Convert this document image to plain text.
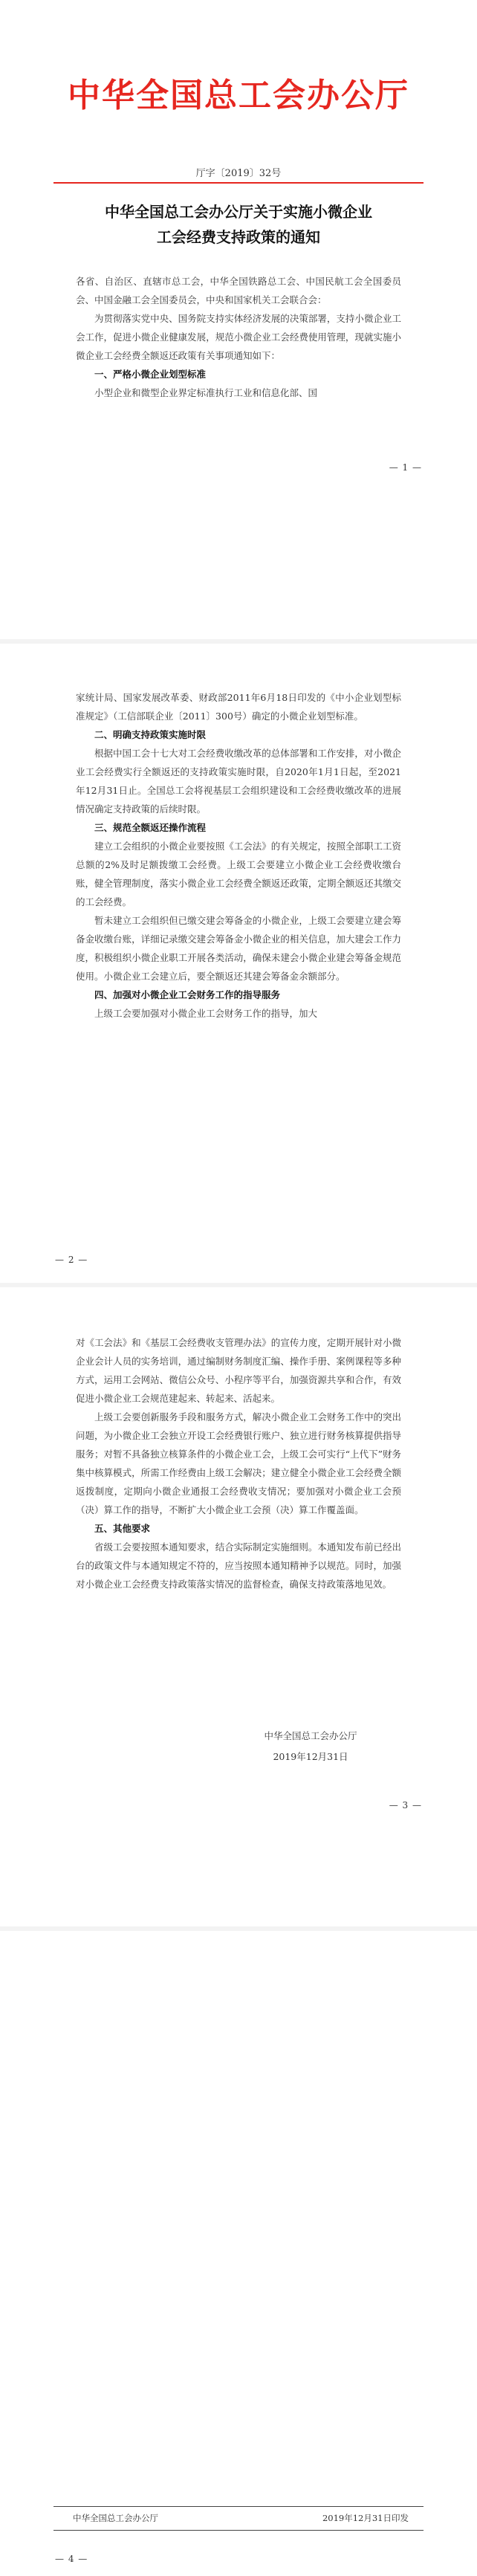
中华全国总工会办公厅
厅字〔2019〕32号
中华全国总工会办公厅关于实施小微企业
工会经费支持政策的通知

各省、自治区、直辖市总工会，中华全国铁路总工会、中国民航工会全国委员会、中国金融工会全国委员会，中央和国家机关工会联合会：

为贯彻落实党中央、国务院支持实体经济发展的决策部署，支持小微企业工会工作，促进小微企业健康发展，规范小微企业工会经费使用管理，现就实施小微企业工会经费全额返还政策有关事项通知如下：

一、严格小微企业划型标准

小型企业和微型企业界定标准执行工业和信息化部、国

— 1 —

家统计局、国家发展改革委、财政部2011年6月18日印发的《中小企业划型标准规定》（工信部联企业〔2011〕300号）确定的小微企业划型标准。

二、明确支持政策实施时限

根据中国工会十七大对工会经费收缴改革的总体部署和工作安排，对小微企业工会经费实行全额返还的支持政策实施时限，自2020年1月1日起，至2021年12月31日止。全国总工会将视基层工会组织建设和工会经费收缴改革的进展情况确定支持政策的后续时限。

三、规范全额返还操作流程

建立工会组织的小微企业要按照《工会法》的有关规定，按照全部职工工资总额的2%及时足额拨缴工会经费。上级工会要建立小微企业工会经费收缴台账，健全管理制度，落实小微企业工会经费全额返还政策，定期全额返还其缴交的工会经费。

暂未建立工会组织但已缴交建会筹备金的小微企业，上级工会要建立建会筹备金收缴台账，详细记录缴交建会筹备金小微企业的相关信息，加大建会工作力度，积极组织小微企业职工开展各类活动，确保未建会小微企业建会筹备金规范使用。小微企业工会建立后，要全额返还其建会筹备金余额部分。

四、加强对小微企业工会财务工作的指导服务

上级工会要加强对小微企业工会财务工作的指导，加大

— 2 —

对《工会法》和《基层工会经费收支管理办法》的宣传力度，定期开展针对小微企业会计人员的实务培训，通过编制财务制度汇编、操作手册、案例课程等多种方式，运用工会网站、微信公众号、小程序等平台，加强资源共享和合作，有效促进小微企业工会规范建起来、转起来、活起来。

上级工会要创新服务手段和服务方式，解决小微企业工会财务工作中的突出问题，为小微企业工会独立开设工会经费银行账户、独立进行财务核算提供指导服务；对暂不具备独立核算条件的小微企业工会，上级工会可实行“上代下”财务集中核算模式，所需工作经费由上级工会解决；建立健全小微企业工会经费全额返拨制度，定期向小微企业通报工会经费收支情况；要加强对小微企业工会预（决）算工作的指导，不断扩大小微企业工会预（决）算工作覆盖面。

五、其他要求

省级工会要按照本通知要求，结合实际制定实施细则。本通知发布前已经出台的政策文件与本通知规定不符的，应当按照本通知精神予以规范。同时，加强对小微企业工会经费支持政策落实情况的监督检查，确保支持政策落地见效。

中华全国总工会办公厅
2019年12月31日
— 3 —
中华全国总工会办公厅	2019年12月31日印发
— 4 —
